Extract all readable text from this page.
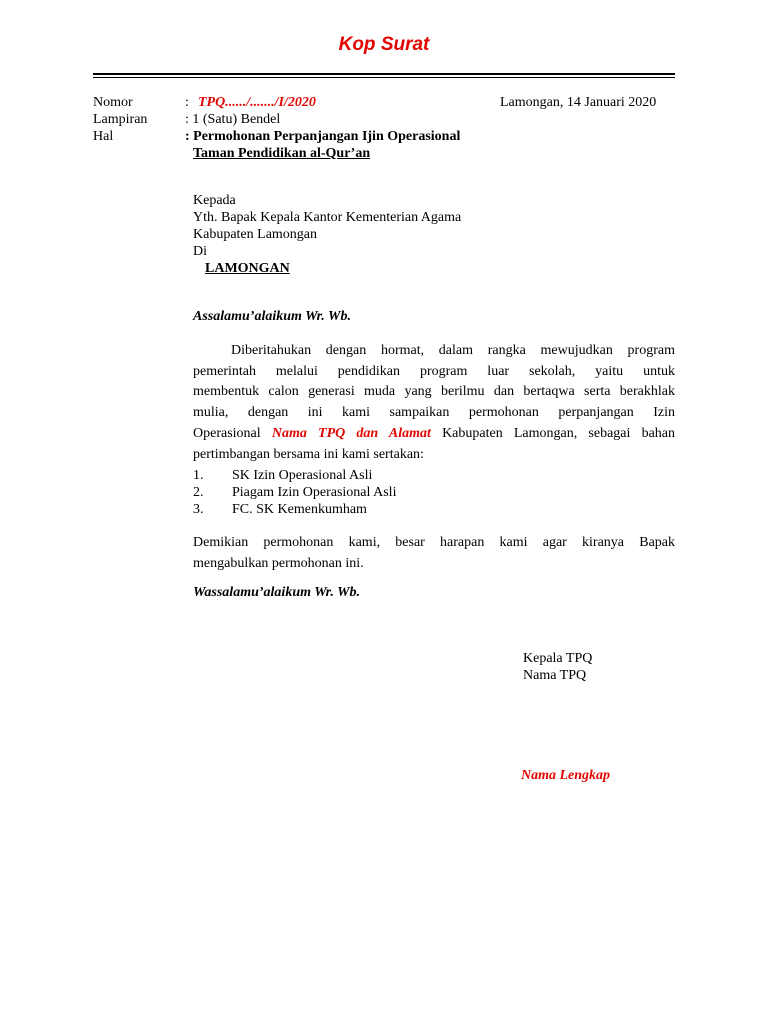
Kop Surat
Nomor	: TPQ....../......./I/2020	Lamongan, 14 Januari 2020
Lampiran	: 1 (Satu) Bendel
Hal	: Permohonan Perpanjangan Ijin Operasional
Taman Pendidikan al-Qur’an
Kepada
Yth. Bapak Kepala Kantor Kementerian Agama
Kabupaten Lamongan
Di
LAMONGAN
Assalamu’alaikum Wr. Wb.
Diberitahukan dengan hormat, dalam rangka mewujudkan program
pemerintah melalui pendidikan program luar sekolah, yaitu untuk
membentuk calon generasi muda yang berilmu dan bertaqwa serta berakhlak
mulia, dengan ini kami sampaikan permohonan perpanjangan Izin
Operasional Nama TPQ dan Alamat Kabupaten Lamongan, sebagai bahan
pertimbangan bersama ini kami sertakan:
1. SK Izin Operasional Asli
2. Piagam Izin Operasional Asli
3. FC. SK Kemenkumham
Demikian permohonan kami, besar harapan kami agar kiranya Bapak
mengabulkan permohonan ini.
Wassalamu’alaikum Wr. Wb.
Kepala TPQ
Nama TPQ
Nama Lengkap
